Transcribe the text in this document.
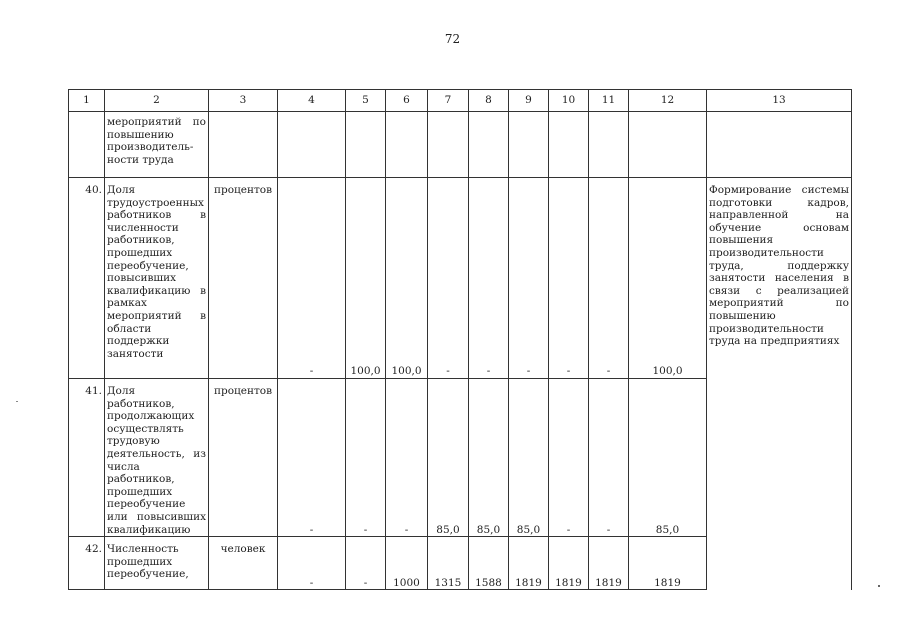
72
1	2	3	4	5	6	7	8	9	10	11	12	13
	мероприятий по повышению производитель-ности труда											
40.	Доля трудоустроенных работников в численности работников, прошедших переобучение, повысивших квалификацию в рамках мероприятий в области поддержки занятости	процентов	-	100,0	100,0	-	-	-	-	-	100,0	Формирование системы подготовки кадров, направленной на обучение основам повышения производительности труда, поддержку занятости населения в связи с реализацией мероприятий по повышению производительности труда на предприятиях
41.	Доля работников, продолжающих осуществлять трудовую деятельность, из числа работников, прошедших переобучение или повысивших квалификацию	процентов	-	-	-	85,0	85,0	85,0	-	-	85,0	
42.	Численность прошедших переобучение,	человек	-	-	1000	1315	1588	1819	1819	1819	1819	
